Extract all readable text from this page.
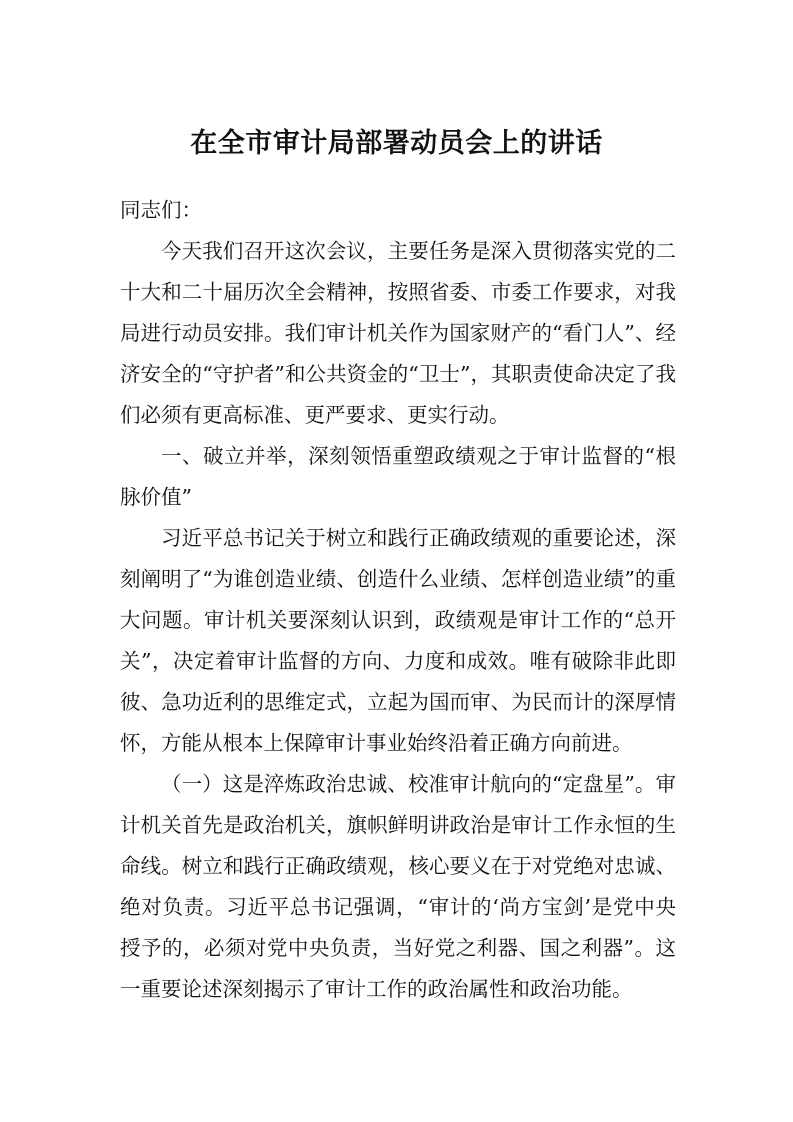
在全市审计局部署动员会上的讲话

同志们：

今天我们召开这次会议，主要任务是深入贯彻落实党的二十大和二十届历次全会精神，按照省委、市委工作要求，对我局进行动员安排。我们审计机关作为国家财产的“看门人”、经济安全的“守护者”和公共资金的“卫士”，其职责使命决定了我们必须有更高标准、更严要求、更实行动。

一、破立并举，深刻领悟重塑政绩观之于审计监督的“根脉价值”

习近平总书记关于树立和践行正确政绩观的重要论述，深刻阐明了“为谁创造业绩、创造什么业绩、怎样创造业绩”的重大问题。审计机关要深刻认识到，政绩观是审计工作的“总开关”，决定着审计监督的方向、力度和成效。唯有破除非此即彼、急功近利的思维定式，立起为国而审、为民而计的深厚情怀，方能从根本上保障审计事业始终沿着正确方向前进。

（一）这是淬炼政治忠诚、校准审计航向的“定盘星”。审计机关首先是政治机关，旗帜鲜明讲政治是审计工作永恒的生命线。树立和践行正确政绩观，核心要义在于对党绝对忠诚、绝对负责。习近平总书记强调，“审计的‘尚方宝剑’是党中央授予的，必须对党中央负责，当好党之利器、国之利器”。这一重要论述深刻揭示了审计工作的政治属性和政治功能。
